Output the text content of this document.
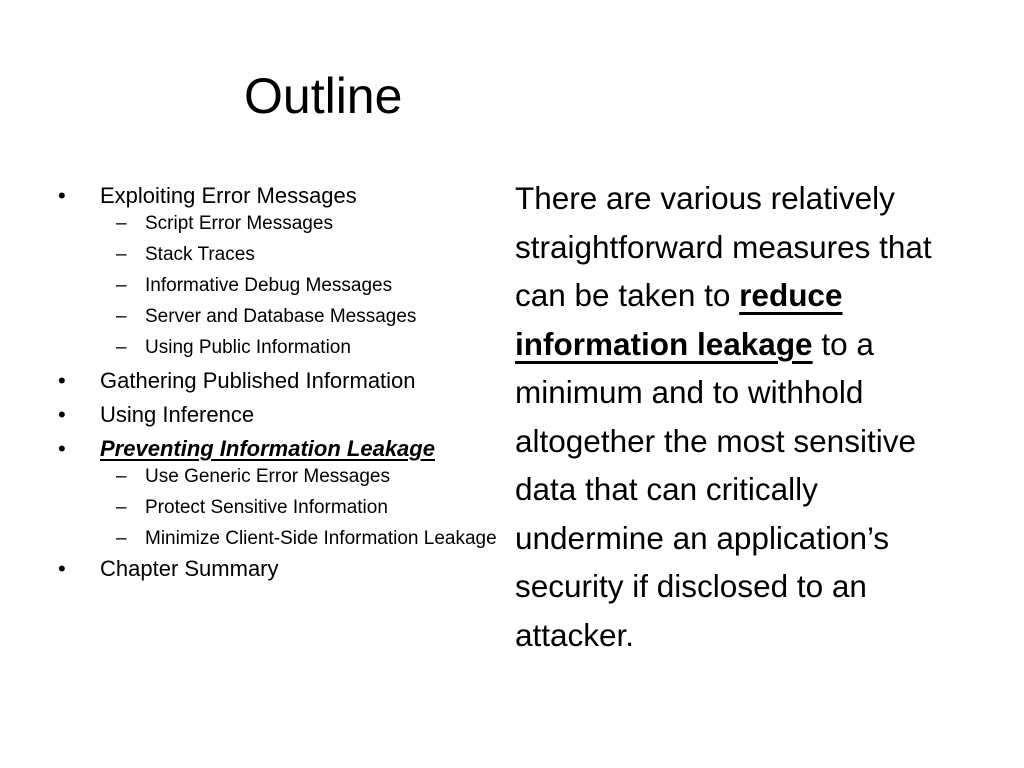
Outline
•	Exploiting Error Messages
– Script Error Messages
– Stack Traces
– Informative Debug Messages
– Server and Database Messages
– Using Public Information
•	Gathering Published Information
•	Using Inference
•	Preventing Information Leakage
– Use Generic Error Messages
– Protect Sensitive Information
– Minimize Client-Side Information Leakage
•	Chapter Summary

There are various relatively straightforward measures that can be taken to reduce information leakage to a minimum and to withhold altogether the most sensitive data that can critically undermine an application’s security if disclosed to an attacker.
